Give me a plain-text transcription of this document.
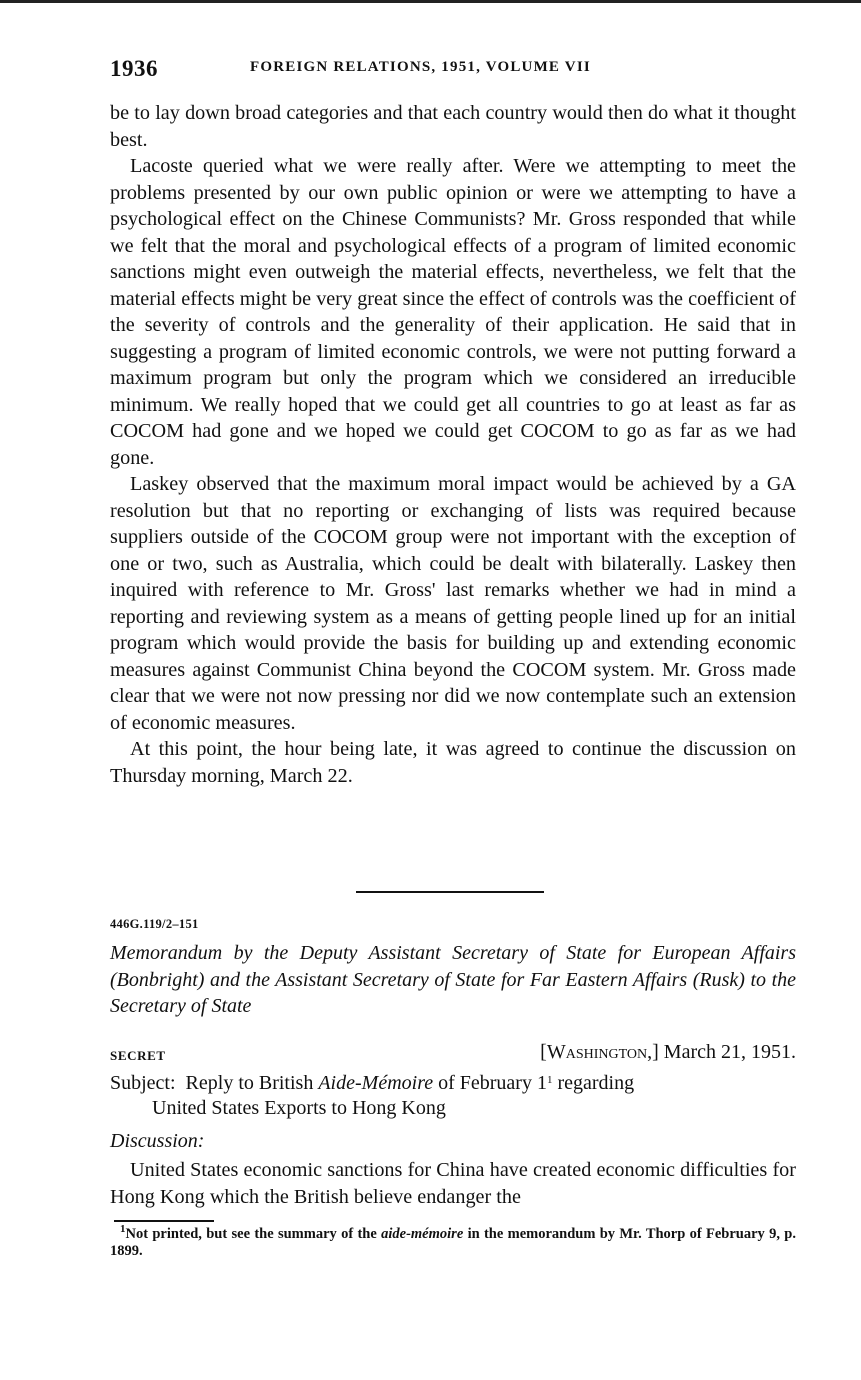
1936	FOREIGN RELATIONS, 1951, VOLUME VII

be to lay down broad categories and that each country would then do what it thought best.

Lacoste queried what we were really after. Were we attempting to meet the problems presented by our own public opinion or were we attempting to have a psychological effect on the Chinese Communists? Mr. Gross responded that while we felt that the moral and psychological effects of a program of limited economic sanctions might even outweigh the material effects, nevertheless, we felt that the material effects might be very great since the effect of controls was the coefficient of the severity of controls and the generality of their application. He said that in suggesting a program of limited economic controls, we were not putting forward a maximum program but only the program which we considered an irreducible minimum. We really hoped that we could get all countries to go at least as far as COCOM had gone and we hoped we could get COCOM to go as far as we had gone.

Laskey observed that the maximum moral impact would be achieved by a GA resolution but that no reporting or exchanging of lists was required because suppliers outside of the COCOM group were not important with the exception of one or two, such as Australia, which could be dealt with bilaterally. Laskey then inquired with reference to Mr. Gross' last remarks whether we had in mind a reporting and reviewing system as a means of getting people lined up for an initial program which would provide the basis for building up and extending economic measures against Communist China beyond the COCOM system. Mr. Gross made clear that we were not now pressing nor did we now contemplate such an extension of economic measures.

At this point, the hour being late, it was agreed to continue the discussion on Thursday morning, March 22.

446G.119/2–151
Memorandum by the Deputy Assistant Secretary of State for European Affairs (Bonbright) and the Assistant Secretary of State for Far Eastern Affairs (Rusk) to the Secretary of State
SECRET	[Washington,] March 21, 1951.
Subject: Reply to British Aide-Mémoire of February $1^1$ regarding
United States Exports to Hong Kong
Discussion:
United States economic sanctions for China have created economic difficulties for Hong Kong which the British believe endanger the
$^1$Not printed, but see the summary of the aide-mémoire in the memorandum by Mr. Thorp of February 9, p. 1899.
